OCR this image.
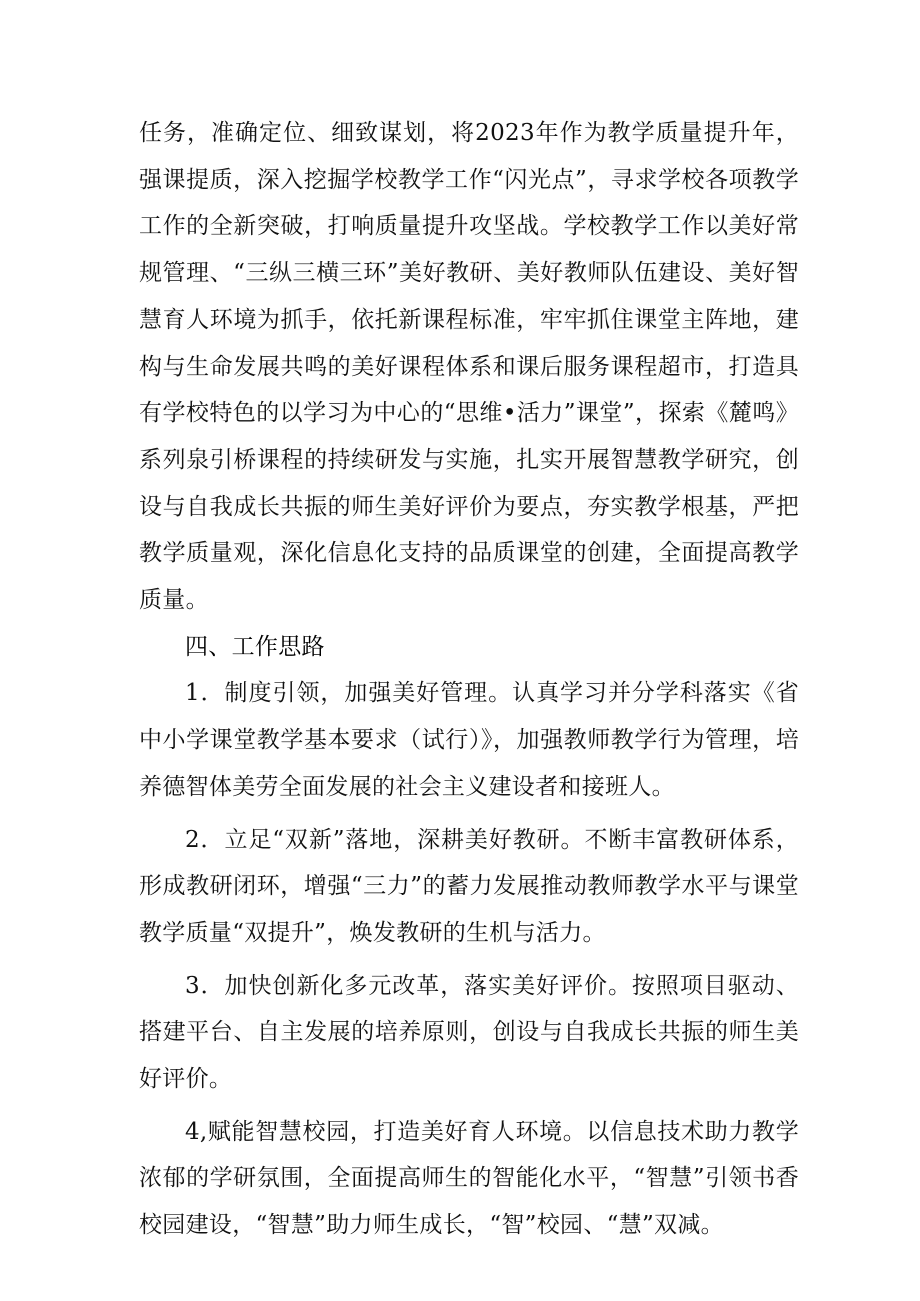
任务，准确定位、细致谋划，将2023年作为教学质量提升年，强课提质，深入挖掘学校教学工作“闪光点”，寻求学校各项教学工作的全新突破，打响质量提升攻坚战。学校教学工作以美好常规管理、“三纵三横三环”美好教研、美好教师队伍建设、美好智慧育人环境为抓手，依托新课程标准，牢牢抓住课堂主阵地，建构与生命发展共鸣的美好课程体系和课后服务课程超市，打造具有学校特色的以学习为中心的“思维•活力”课堂”，探索《麓鸣》系列泉引桥课程的持续研发与实施，扎实开展智慧教学研究，创设与自我成长共振的师生美好评价为要点，夯实教学根基，严把教学质量观，深化信息化支持的品质课堂的创建，全面提高教学质量。

四、工作思路

1．制度引领，加强美好管理。认真学习并分学科落实《省中小学课堂教学基本要求（试行）》，加强教师教学行为管理，培养德智体美劳全面发展的社会主义建设者和接班人。

2．立足“双新”落地，深耕美好教研。不断丰富教研体系，形成教研闭环，增强“三力”的蓄力发展推动教师教学水平与课堂教学质量“双提升”，焕发教研的生机与活力。

3．加快创新化多元改革，落实美好评价。按照项目驱动、搭建平台、自主发展的培养原则，创设与自我成长共振的师生美好评价。

4,赋能智慧校园，打造美好育人环境。以信息技术助力教学浓郁的学研氛围，全面提高师生的智能化水平，“智慧”引领书香校园建设，“智慧”助力师生成长，“智”校园、“慧”双减。
